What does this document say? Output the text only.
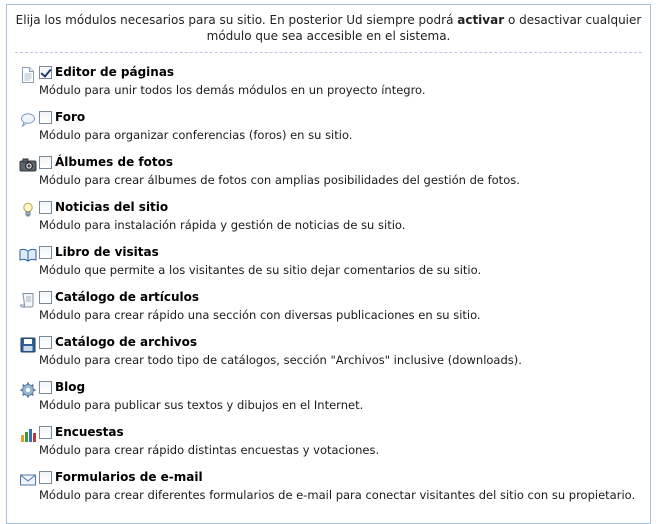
Elija los módulos necesarios para su sitio. En posterior Ud siempre podrá activar o desactivar cualquier módulo que sea accesible en el sistema.
Editor de páginas
Módulo para unir todos los demás módulos en un proyecto íntegro.
Foro
Módulo para organizar conferencias (foros) en su sitio.
Álbumes de fotos
Módulo para crear álbumes de fotos con amplias posibilidades del gestión de fotos.
Noticias del sitio
Módulo para instalación rápida y gestión de noticias de su sitio.
Libro de visitas
Módulo que permite a los visitantes de su sitio dejar comentarios de su sitio.
Catálogo de artículos
Módulo para crear rápido una sección con diversas publicaciones en su sitio.
Catálogo de archivos
Módulo para crear todo tipo de catálogos, sección "Archivos" inclusive (downloads).
Blog
Módulo para publicar sus textos y dibujos en el Internet.
Encuestas
Módulo para crear rápido distintas encuestas y votaciones.
Formularios de e-mail
Módulo para crear diferentes formularios de e-mail para conectar visitantes del sitio con su propietario.
